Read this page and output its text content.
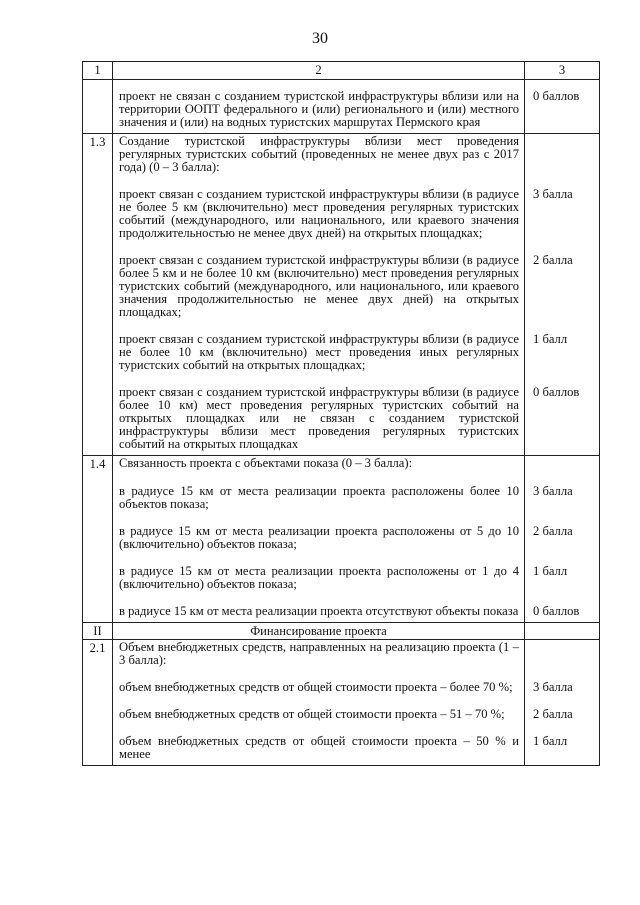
30
1	2	3
	проект не связан с созданием туристской инфраструктуры вблизи или на территории ООПТ федерального и (или) регионального и (или) местного значения и (или) на водных туристских маршрутах Пермского края	0 баллов
1.3	Создание туристской инфраструктуры вблизи мест проведения регулярных туристских событий (проведенных не менее двух раз с 2017 года) (0 – 3 балла):	
	проект связан с созданием туристской инфраструктуры вблизи (в радиусе не более 5 км (включительно) мест проведения регулярных туристских событий (международного, или национального, или краевого значения продолжительностью не менее двух дней) на открытых площадках;	3 балла
	проект связан с созданием туристской инфраструктуры вблизи (в радиусе более 5 км и не более 10 км (включительно) мест проведения регулярных туристских событий (международного, или национального, или краевого значения продолжительностью не менее двух дней) на открытых площадках;	2 балла
	проект связан с созданием туристской инфраструктуры вблизи (в радиусе не более 10 км (включительно) мест проведения иных регулярных туристских событий на открытых площадках;	1 балл
	проект связан с созданием туристской инфраструктуры вблизи (в радиусе более 10 км) мест проведения регулярных туристских событий на открытых площадках или не связан с созданием туристской инфраструктуры вблизи мест проведения регулярных туристских событий на открытых площадках	0 баллов
1.4	Связанность проекта с объектами показа (0 – 3 балла):	
	в радиусе 15 км от места реализации проекта расположены более 10 объектов показа;	3 балла
	в радиусе 15 км от места реализации проекта расположены от 5 до 10 (включительно) объектов показа;	2 балла
	в радиусе 15 км от места реализации проекта расположены от 1 до 4 (включительно) объектов показа;	1 балл
	в радиусе 15 км от места реализации проекта отсутствуют объекты показа	0 баллов
II	Финансирование проекта	
2.1	Объем внебюджетных средств, направленных на реализацию проекта (1 – 3 балла):	
	объем внебюджетных средств от общей стоимости проекта – более 70 %;	3 балла
	объем внебюджетных средств от общей стоимости проекта – 51 – 70 %;	2 балла
	объем внебюджетных средств от общей стоимости проекта – 50 % и менее	1 балл
